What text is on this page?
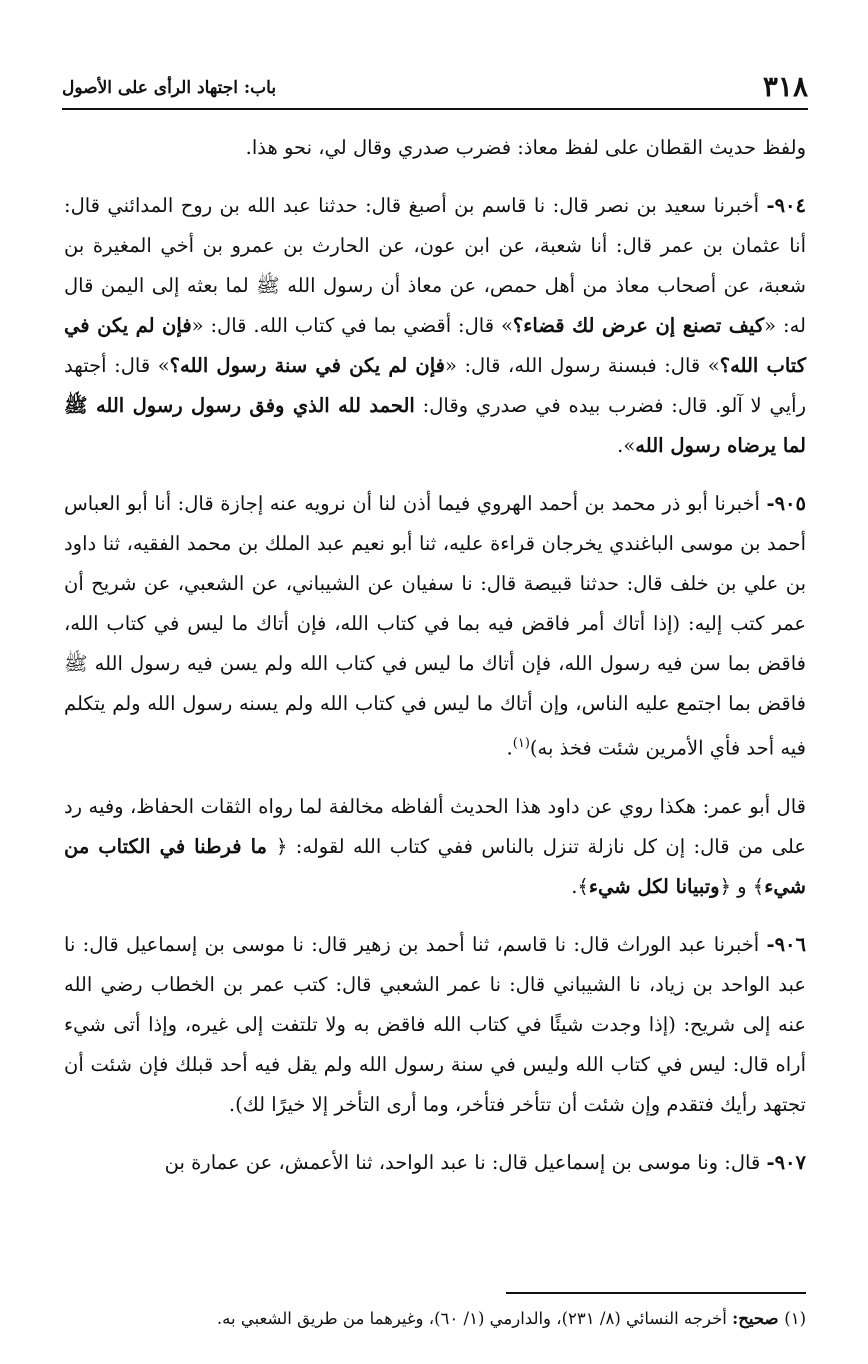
٣١٨
باب: اجتهاد الرأى على الأصول

ولفظ حديث القطان على لفظ معاذ: فضرب صدري وقال لي، نحو هذا.

٩٠٤- أخبرنا سعيد بن نصر قال: نا قاسم بن أصبغ قال: حدثنا عبد الله بن روح المدائني قال: أنا عثمان بن عمر قال: أنا شعبة، عن ابن عون، عن الحارث بن عمرو بن أخي المغيرة بن شعبة، عن أصحاب معاذ من أهل حمص، عن معاذ أن رسول الله ﷺ لما بعثه إلى اليمن قال له: «كيف تصنع إن عرض لك قضاء؟» قال: أقضي بما في كتاب الله. قال: «فإن لم يكن في كتاب الله؟» قال: فبسنة رسول الله، قال: «فإن لم يكن في سنة رسول الله؟» قال: أجتهد رأيي لا آلو. قال: فضرب بيده في صدري وقال: الحمد لله الذي وفق رسول رسول الله ﷺ لما يرضاه رسول الله».

٩٠٥- أخبرنا أبو ذر محمد بن أحمد الهروي فيما أذن لنا أن نرويه عنه إجازة قال: أنا أبو العباس أحمد بن موسى الباغندي يخرجان قراءة عليه، ثنا أبو نعيم عبد الملك بن محمد الفقيه، ثنا داود بن علي بن خلف قال: حدثنا قبيصة قال: نا سفيان عن الشيباني، عن الشعبي، عن شريح أن عمر كتب إليه: (إذا أتاك أمر فاقض فيه بما في كتاب الله، فإن أتاك ما ليس في كتاب الله، فاقض بما سن فيه رسول الله، فإن أتاك ما ليس في كتاب الله ولم يسن فيه رسول الله ﷺ فاقض بما اجتمع عليه الناس، وإن أتاك ما ليس في كتاب الله ولم يسنه رسول الله ولم يتكلم فيه أحد فأي الأمرين شئت فخذ به)$^{(١)}$.

قال أبو عمر: هكذا روي عن داود هذا الحديث ألفاظه مخالفة لما رواه الثقات الحفاظ، وفيه رد على من قال: إن كل نازلة تنزل بالناس ففي كتاب الله لقوله: ﴿ ما فرطنا في الكتاب من شيء﴾ و ﴿وتبيانا لكل شيء﴾.

٩٠٦- أخبرنا عبد الوراث قال: نا قاسم، ثنا أحمد بن زهير قال: نا موسى بن إسماعيل قال: نا عبد الواحد بن زياد، نا الشيباني قال: نا عمر الشعبي قال: كتب عمر بن الخطاب رضي الله عنه إلى شريح: (إذا وجدت شيئًا في كتاب الله فاقض به ولا تلتفت إلى غيره، وإذا أتى شيء أراه قال: ليس في كتاب الله وليس في سنة رسول الله ولم يقل فيه أحد قبلك فإن شئت أن تجتهد رأيك فتقدم وإن شئت أن تتأخر فتأخر، وما أرى التأخر إلا خيرًا لك).

٩٠٧- قال: ونا موسى بن إسماعيل قال: نا عبد الواحد، ثنا الأعمش، عن عمارة بن

(١) صحيح: أخرجه النسائي (٨/ ٢٣١)، والدارمي (١/ ٦٠)، وغيرهما من طريق الشعبي به.
